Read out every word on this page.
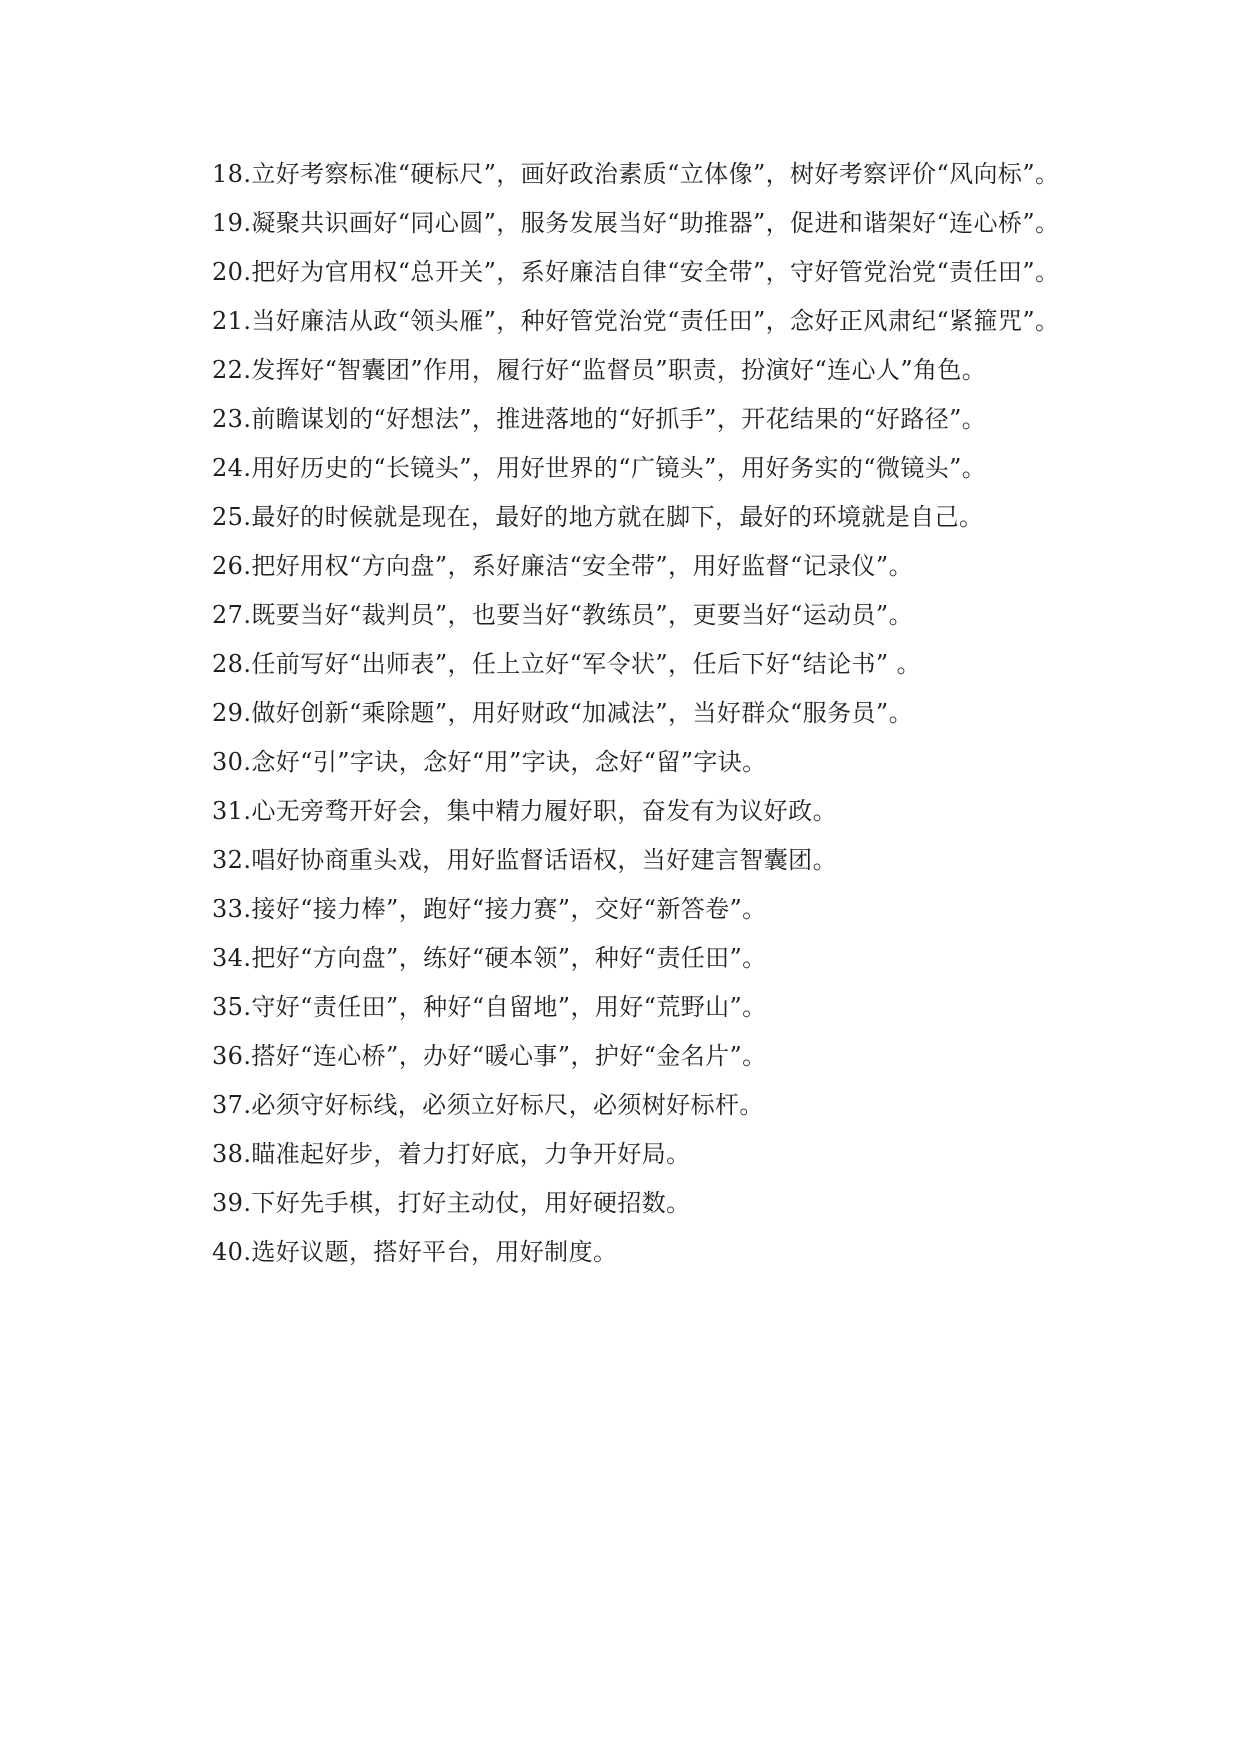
18.立好考察标准“硬标尺”，画好政治素质“立体像”，树好考察评价“风向标”。

19.凝聚共识画好“同心圆”，服务发展当好“助推器”，促进和谐架好“连心桥”。

20.把好为官用权“总开关”，系好廉洁自律“安全带”，守好管党治党“责任田”。

21.当好廉洁从政“领头雁”，种好管党治党“责任田”，念好正风肃纪“紧箍咒”。

22.发挥好“智囊团”作用，履行好“监督员”职责，扮演好“连心人”角色。

23.前瞻谋划的“好想法”，推进落地的“好抓手”，开花结果的“好路径”。

24.用好历史的“长镜头”，用好世界的“广镜头”，用好务实的“微镜头”。

25.最好的时候就是现在，最好的地方就在脚下，最好的环境就是自己。

26.把好用权“方向盘”，系好廉洁“安全带”，用好监督“记录仪”。

27.既要当好“裁判员”，也要当好“教练员”，更要当好“运动员”。

28.任前写好“出师表”，任上立好“军令状”，任后下好“结论书” 。

29.做好创新“乘除题”，用好财政“加减法”，当好群众“服务员”。

30.念好“引”字诀，念好“用”字诀，念好“留”字诀。

31.心无旁骛开好会，集中精力履好职，奋发有为议好政。

32.唱好协商重头戏，用好监督话语权，当好建言智囊团。

33.接好“接力棒”，跑好“接力赛”，交好“新答卷”。

34.把好“方向盘”，练好“硬本领”，种好“责任田”。

35.守好“责任田”，种好“自留地”，用好“荒野山”。

36.搭好“连心桥”，办好“暖心事”，护好“金名片”。

37.必须守好标线，必须立好标尺，必须树好标杆。

38.瞄准起好步，着力打好底，力争开好局。

39.下好先手棋，打好主动仗，用好硬招数。

40.选好议题，搭好平台，用好制度。
